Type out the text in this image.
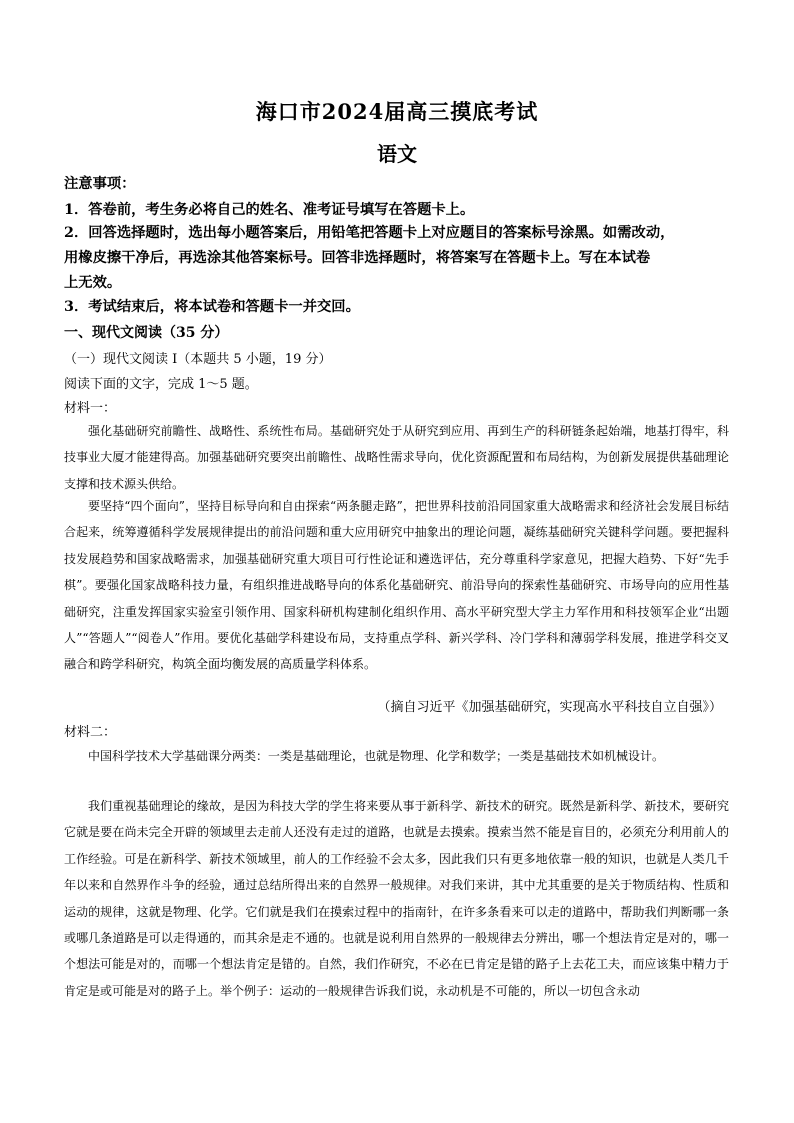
海口市2024届高三摸底考试
语文
注意事项：
1．答卷前，考生务必将自己的姓名、准考证号填写在答题卡上。
2．回答选择题时，选出每小题答案后，用铅笔把答题卡上对应题目的答案标号涂黑。如需改动，
用橡皮擦干净后，再选涂其他答案标号。回答非选择题时，将答案写在答题卡上。写在本试卷
上无效。
3．考试结束后，将本试卷和答题卡一并交回。
一、现代文阅读（35 分）
（一）现代文阅读 I（本题共 5 小题，19 分）
阅读下面的文字，完成 1～5 题。
材料一：

强化基础研究前瞻性、战略性、系统性布局。基础研究处于从研究到应用、再到生产的科研链条起始端，地基打得牢，科技事业大厦才能建得高。加强基础研究要突出前瞻性、战略性需求导向，优化资源配置和布局结构，为创新发展提供基础理论支撑和技术源头供给。

要坚持“四个面向”，坚持目标导向和自由探索“两条腿走路”，把世界科技前沿同国家重大战略需求和经济社会发展目标结合起来，统筹遵循科学发展规律提出的前沿问题和重大应用研究中抽象出的理论问题，凝练基础研究关键科学问题。要把握科技发展趋势和国家战略需求，加强基础研究重大项目可行性论证和遴选评估，充分尊重科学家意见，把握大趋势、下好“先手棋”。要强化国家战略科技力量，有组织推进战略导向的体系化基础研究、前沿导向的探索性基础研究、市场导向的应用性基础研究，注重发挥国家实验室引领作用、国家科研机构建制化组织作用、高水平研究型大学主力军作用和科技领军企业“出题人”“答题人”“阅卷人”作用。要优化基础学科建设布局，支持重点学科、新兴学科、冷门学科和薄弱学科发展，推进学科交叉融合和跨学科研究，构筑全面均衡发展的高质量学科体系。

（摘自习近平《加强基础研究，实现高水平科技自立自强》）
材料二：

中国科学技术大学基础课分两类：一类是基础理论，也就是物理、化学和数学；一类是基础技术如机械设计。

我们重视基础理论的缘故，是因为科技大学的学生将来要从事于新科学、新技术的研究。既然是新科学、新技术，要研究它就是要在尚未完全开辟的领域里去走前人还没有走过的道路，也就是去摸索。摸索当然不能是盲目的，必须充分利用前人的工作经验。可是在新科学、新技术领域里，前人的工作经验不会太多，因此我们只有更多地依靠一般的知识，也就是人类几千年以来和自然界作斗争的经验，通过总结所得出来的自然界一般规律。对我们来讲，其中尤其重要的是关于物质结构、性质和运动的规律，这就是物理、化学。它们就是我们在摸索过程中的指南针，在许多条看来可以走的道路中，帮助我们判断哪一条或哪几条道路是可以走得通的，而其余是走不通的。也就是说利用自然界的一般规律去分辨出，哪一个想法肯定是对的，哪一个想法可能是对的，而哪一个想法肯定是错的。自然，我们作研究，不必在已肯定是错的路子上去花工夫，而应该集中精力于肯定是或可能是对的路子上。举个例子：运动的一般规律告诉我们说，永动机是不可能的，所以一切包含永动
